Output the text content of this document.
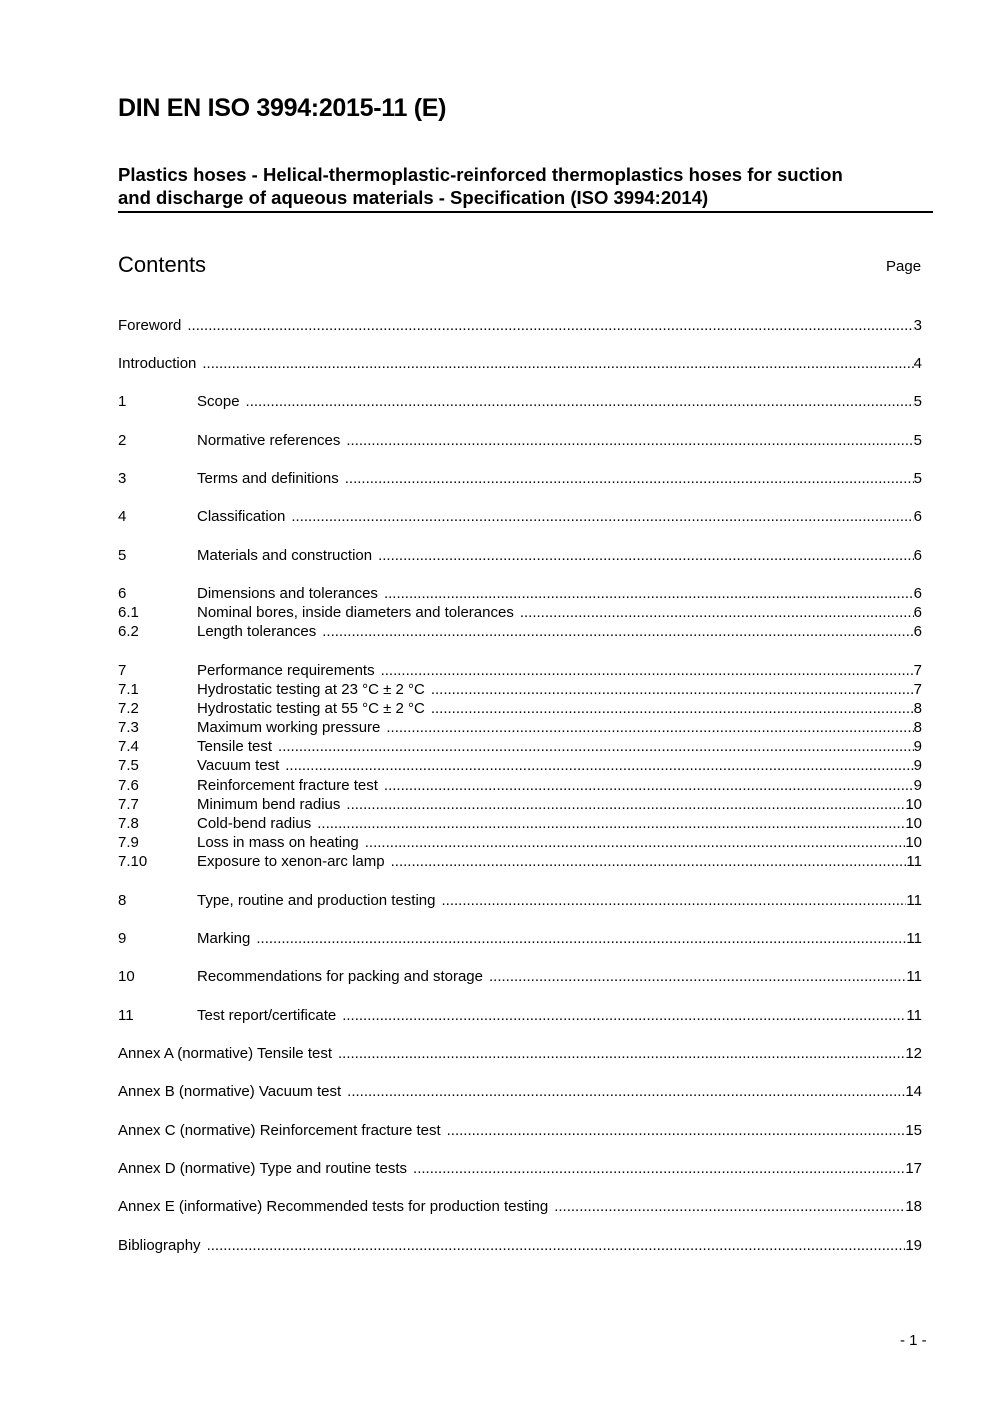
DIN EN ISO 3994:2015-11 (E)
Plastics hoses - Helical-thermoplastic-reinforced thermoplastics hoses for suction
and discharge of aqueous materials - Specification (ISO 3994:2014)
Contents	Page
Foreword .....	3
Introduction .....	4
1	Scope .....	5
2	Normative references .....	5
3	Terms and definitions .....	5
4	Classification .....	6
5	Materials and construction .....	6
6	Dimensions and tolerances .....	6
6.1	Nominal bores, inside diameters and tolerances .....	6
6.2	Length tolerances .....	6
7	Performance requirements .....	7
7.1	Hydrostatic testing at 23 °C ± 2 °C .....	7
7.2	Hydrostatic testing at 55 °C ± 2 °C .....	8
7.3	Maximum working pressure .....	8
7.4	Tensile test .....	9
7.5	Vacuum test .....	9
7.6	Reinforcement fracture test .....	9
7.7	Minimum bend radius .....	10
7.8	Cold-bend radius .....	10
7.9	Loss in mass on heating .....	10
7.10	Exposure to xenon-arc lamp .....	11
8	Type, routine and production testing .....	11
9	Marking .....	11
10	Recommendations for packing and storage .....	11
11	Test report/certificate .....	11
Annex A (normative) Tensile test .....	12
Annex B (normative) Vacuum test .....	14
Annex C (normative) Reinforcement fracture test .....	15
Annex D (normative) Type and routine tests .....	17
Annex E (informative) Recommended tests for production testing .....	18
Bibliography .....	19
- 1 -
